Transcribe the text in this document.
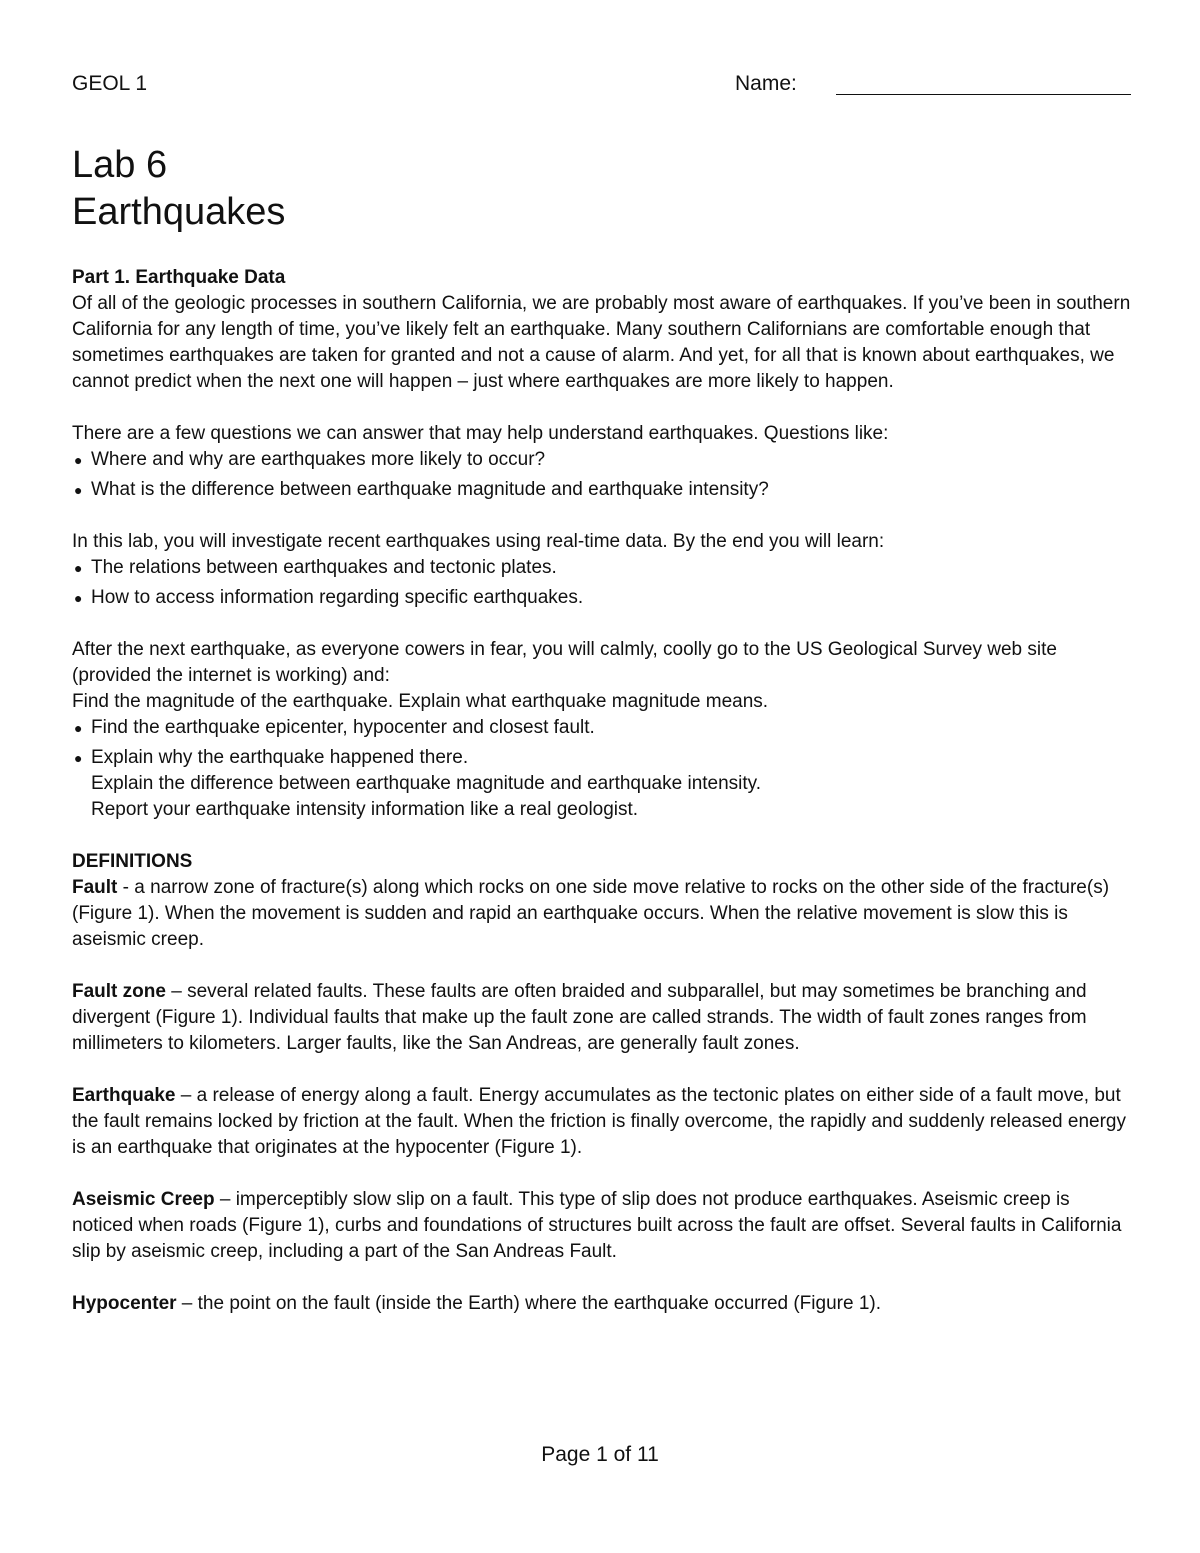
GEOL 1	Name:
Lab 6
Earthquakes
Part 1. Earthquake Data

Of all of the geologic processes in southern California, we are probably most aware of earthquakes. If you’ve been in southern California for any length of time, you’ve likely felt an earthquake. Many southern Californians are comfortable enough that sometimes earthquakes are taken for granted and not a cause of alarm. And yet, for all that is known about earthquakes, we cannot predict when the next one will happen – just where earthquakes are more likely to happen.

There are a few questions we can answer that may help understand earthquakes. Questions like:

● Where and why are earthquakes more likely to occur?
● What is the difference between earthquake magnitude and earthquake intensity?

In this lab, you will investigate recent earthquakes using real-time data. By the end you will learn:

● The relations between earthquakes and tectonic plates.
● How to access information regarding specific earthquakes.

After the next earthquake, as everyone cowers in fear, you will calmly, coolly go to the US Geological Survey web site (provided the internet is working) and:

Find the magnitude of the earthquake. Explain what earthquake magnitude means.

● Find the earthquake epicenter, hypocenter and closest fault.
● Explain why the earthquake happened there.

Explain the difference between earthquake magnitude and earthquake intensity.

Report your earthquake intensity information like a real geologist.

DEFINITIONS

Fault - a narrow zone of fracture(s) along which rocks on one side move relative to rocks on the other side of the fracture(s) (Figure 1). When the movement is sudden and rapid an earthquake occurs. When the relative movement is slow this is aseismic creep.

Fault zone – several related faults. These faults are often braided and subparallel, but may sometimes be branching and divergent (Figure 1). Individual faults that make up the fault zone are called strands. The width of fault zones ranges from millimeters to kilometers. Larger faults, like the San Andreas, are generally fault zones.

Earthquake – a release of energy along a fault. Energy accumulates as the tectonic plates on either side of a fault move, but the fault remains locked by friction at the fault. When the friction is finally overcome, the rapidly and suddenly released energy is an earthquake that originates at the hypocenter (Figure 1).

Aseismic Creep – imperceptibly slow slip on a fault. This type of slip does not produce earthquakes. Aseismic creep is noticed when roads (Figure 1), curbs and foundations of structures built across the fault are offset. Several faults in California slip by aseismic creep, including a part of the San Andreas Fault.

Hypocenter – the point on the fault (inside the Earth) where the earthquake occurred (Figure 1).

Page 1 of 11
